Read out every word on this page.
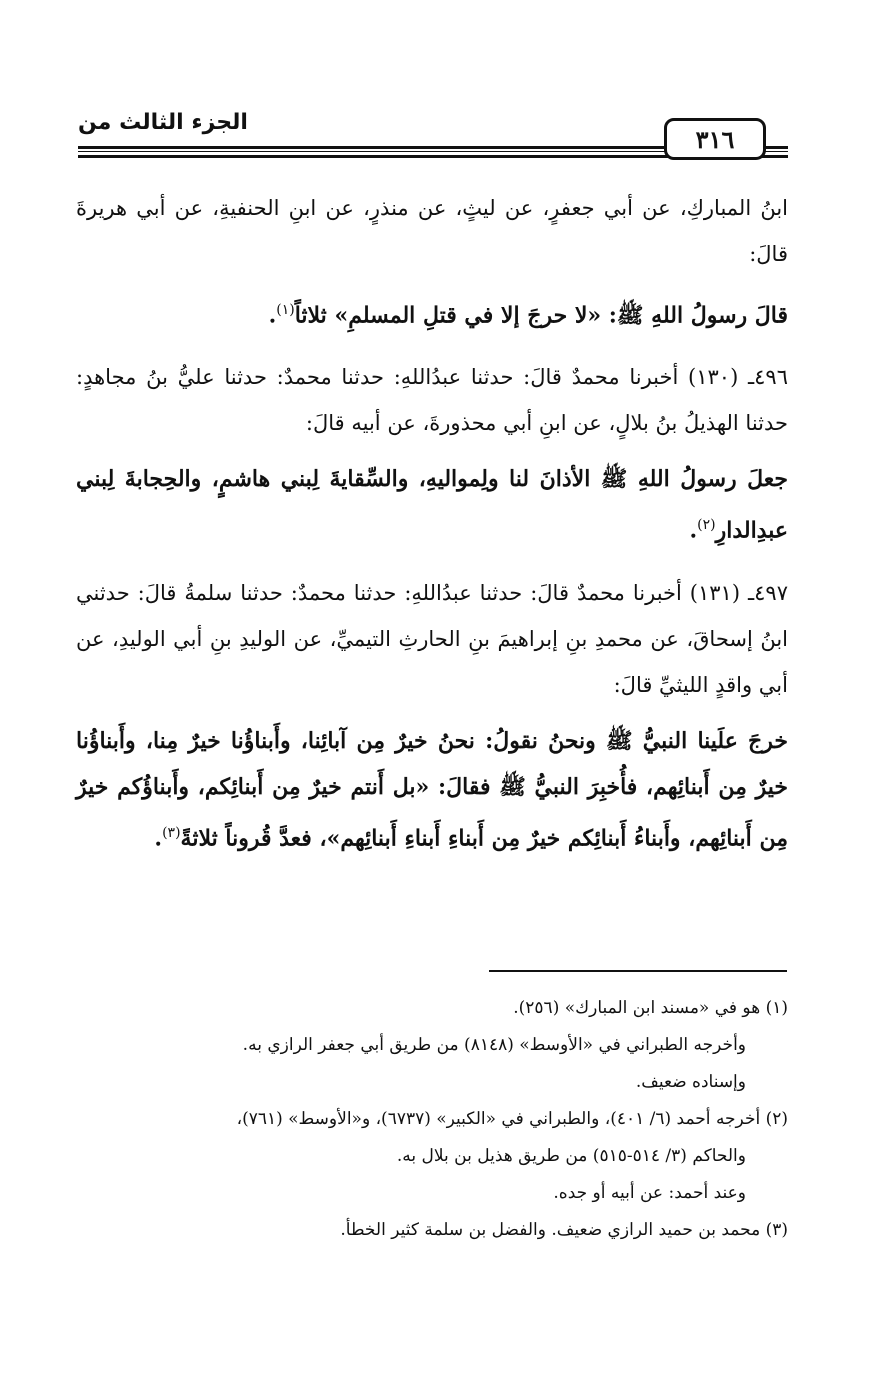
٣١٦
الجزء الثالث من

ابنُ المباركِ، عن أبي جعفرٍ، عن ليثٍ، عن منذرٍ، عن ابنِ الحنفيةِ، عن أبي هريرةَ قالَ:

قالَ رسولُ اللهِ ﷺ: «لا حرجَ إلا في قتلِ المسلمِ» ثلاثاً$^{(١)}$.

٤٩٦ـ (١٣٠) أخبرنا محمدٌ قالَ: حدثنا عبدُاللهِ: حدثنا محمدٌ: حدثنا عليُّ بنُ مجاهدٍ: حدثنا الهذيلُ بنُ بلالٍ، عن ابنِ أبي محذورةَ، عن أبيه قالَ:

جعلَ رسولُ اللهِ ﷺ الأذانَ لنا ولِمواليهِ، والسِّقايةَ لِبني هاشمٍ، والحِجابةَ لِبني عبدِالدارِ$^{(٢)}$.

٤٩٧ـ (١٣١) أخبرنا محمدٌ قالَ: حدثنا عبدُاللهِ: حدثنا محمدٌ: حدثنا سلمةُ قالَ: حدثني ابنُ إسحاقَ، عن محمدِ بنِ إبراهيمَ بنِ الحارثِ التيميِّ، عن الوليدِ بنِ أبي الوليدِ، عن أبي واقدٍ الليثيِّ قالَ:

خرجَ علَينا النبيُّ ﷺ ونحنُ نقولُ: نحنُ خيرٌ مِن آبائِنا، وأَبناؤُنا خيرٌ مِنا، وأَبناؤُنا خيرٌ مِن أَبنائِهم، فأُخبِرَ النبيُّ ﷺ فقالَ: «بل أَنتم خيرٌ مِن أَبنائِكم، وأَبناؤُكم خيرٌ مِن أَبنائِهم، وأَبناءُ أَبنائِكم خيرٌ مِن أَبناءِ أَبناءِ أَبنائِهم»، فعدَّ قُروناً ثلاثةً$^{(٣)}$.

(١) هو في «مسند ابن المبارك» (٢٥٦).

وأخرجه الطبراني في «الأوسط» (٨١٤٨) من طريق أبي جعفر الرازي به.

وإسناده ضعيف.

(٢) أخرجه أحمد (٦/ ٤٠١)، والطبراني في «الكبير» (٦٧٣٧)، و«الأوسط» (٧٦١)،

والحاكم (٣/ ٥١٤-٥١٥) من طريق هذيل بن بلال به.

وعند أحمد: عن أبيه أو جده.

(٣) محمد بن حميد الرازي ضعيف. والفضل بن سلمة كثير الخطأ.
